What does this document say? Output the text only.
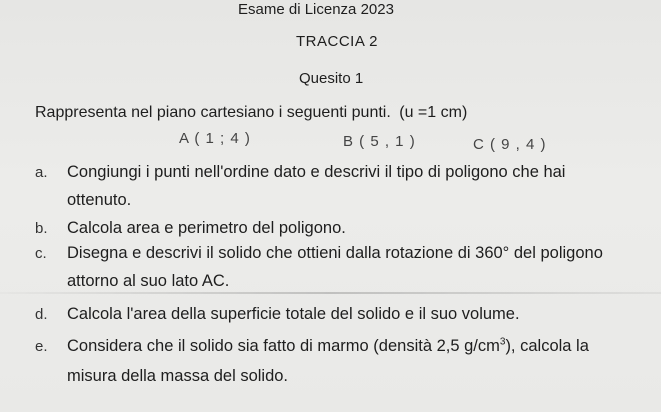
Esame di Licenza 2023
TRACCIA 2
Quesito 1
Rappresenta nel piano cartesiano i seguenti punti. (u =1 cm)
A ( 1 ; 4 )	B ( 5 , 1 )	C ( 9 , 4 )
a. Congiungi i punti nell'ordine dato e descrivi il tipo di poligono che hai
ottenuto.
b. Calcola area e perimetro del poligono.
c. Disegna e descrivi il solido che ottieni dalla rotazione di 360° del poligono
attorno al suo lato AC.
d. Calcola l'area della superficie totale del solido e il suo volume.
e. Considera che il solido sia fatto di marmo (densità 2,5 $g/cm^3$), calcola la
misura della massa del solido.
